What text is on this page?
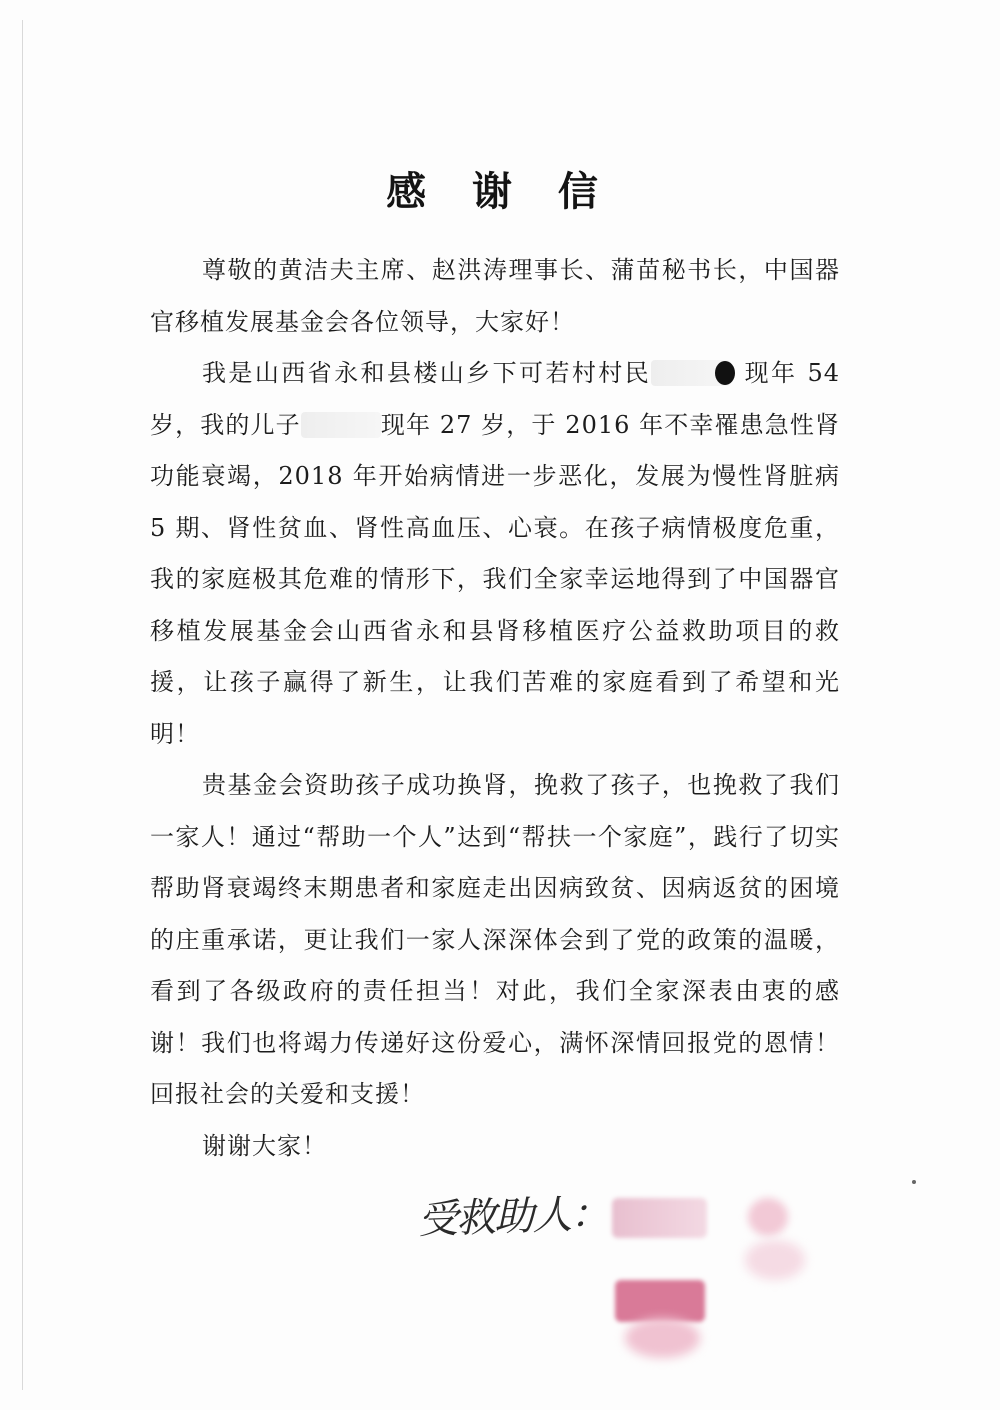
感 谢 信

尊敬的黄洁夫主席、赵洪涛理事长、蒲苗秘书长，中国器官移植发展基金会各位领导，大家好！

我是山西省永和县楼山乡下可若村村民	现年 54 岁，我的儿子	现年 27 岁，于 2016 年不幸罹患急性肾功能衰竭，2018 年开始病情进一步恶化，发展为慢性肾脏病 5 期、肾性贫血、肾性高血压、心衰。在孩子病情极度危重，我的家庭极其危难的情形下，我们全家幸运地得到了中国器官移植发展基金会山西省永和县肾移植医疗公益救助项目的救援，让孩子赢得了新生，让我们苦难的家庭看到了希望和光明！

贵基金会资助孩子成功换肾，挽救了孩子，也挽救了我们一家人！通过“帮助一个人”达到“帮扶一个家庭”，践行了切实帮助肾衰竭终末期患者和家庭走出因病致贫、因病返贫的困境的庄重承诺，更让我们一家人深深体会到了党的政策的温暖，看到了各级政府的责任担当！对此，我们全家深表由衷的感谢！我们也将竭力传递好这份爱心，满怀深情回报党的恩情！回报社会的关爱和支援！

谢谢大家！

受救助人：
